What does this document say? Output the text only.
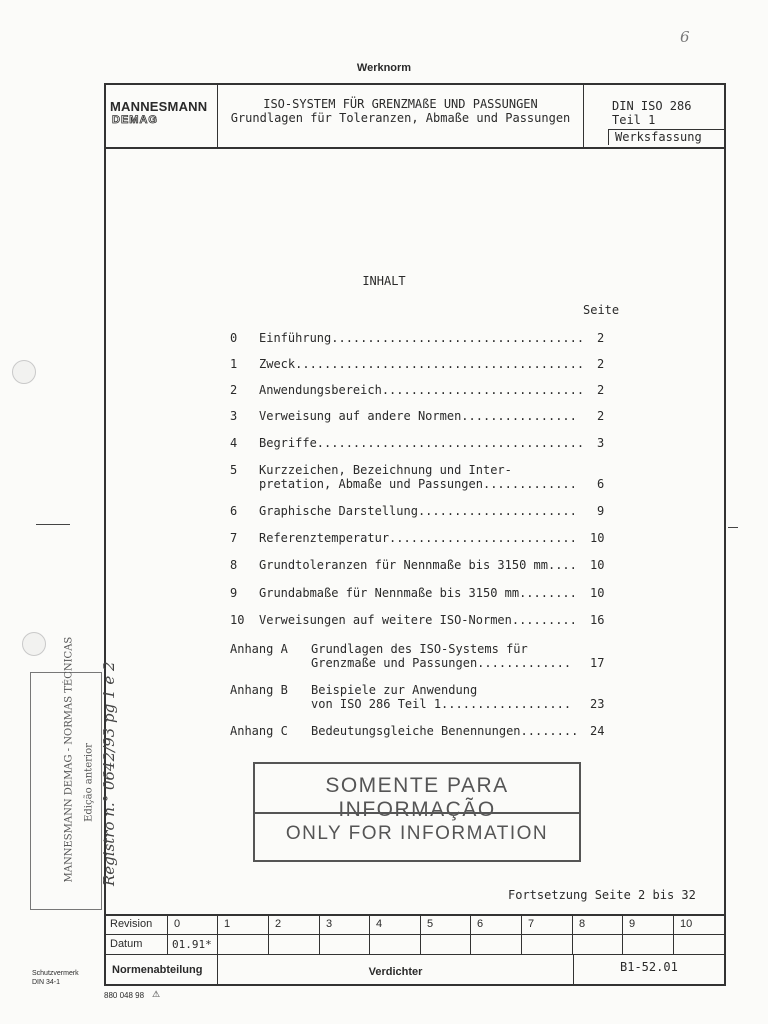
6
Werknorm
MANNESMANN
DEMAG
ISO-SYSTEM FÜR GRENZMAßE UND PASSUNGEN
Grundlagen für Toleranzen, Abmaße und Passungen
DIN ISO 286
Teil 1
Werksfassung
INHALT
Seite
0 Einführung................................... 2
1 Zweck........................................ 2
2 Anwendungsbereich............................ 2
3 Verweisung auf andere Normen................ 2
4 Begriffe..................................... 3
5 Kurzzeichen, Bezeichnung und Inter-
pretation, Abmaße und Passungen............. 6
6 Graphische Darstellung...................... 9
7 Referenztemperatur.......................... 10
8 Grundtoleranzen für Nennmaße bis 3150 mm.... 10
9 Grundabmaße für Nennmaße bis 3150 mm........ 10
10 Verweisungen auf weitere ISO-Normen......... 16
Anhang A Grundlagen des ISO-Systems für
Grenzmaße und Passungen............. 17
Anhang B Beispiele zur Anwendung
von ISO 286 Teil 1.................. 23
Anhang C Bedeutungsgleiche Benennungen........ 24
SOMENTE PARA INFORMAÇÃO
ONLY FOR INFORMATION
Fortsetzung Seite 2 bis 32
Revision	0	1	2	3	4	5	6	7	8	9	10
Datum	01.91*
Normenabteilung	Verdichter	B1-52.01
MANNESMANN DEMAG - NORMAS TÉCNICAS Edição anterior Registro n.° 0642/93 pg 1 e 2
Schutzvermerk
DIN 34-1
880 048 98 ⚠
